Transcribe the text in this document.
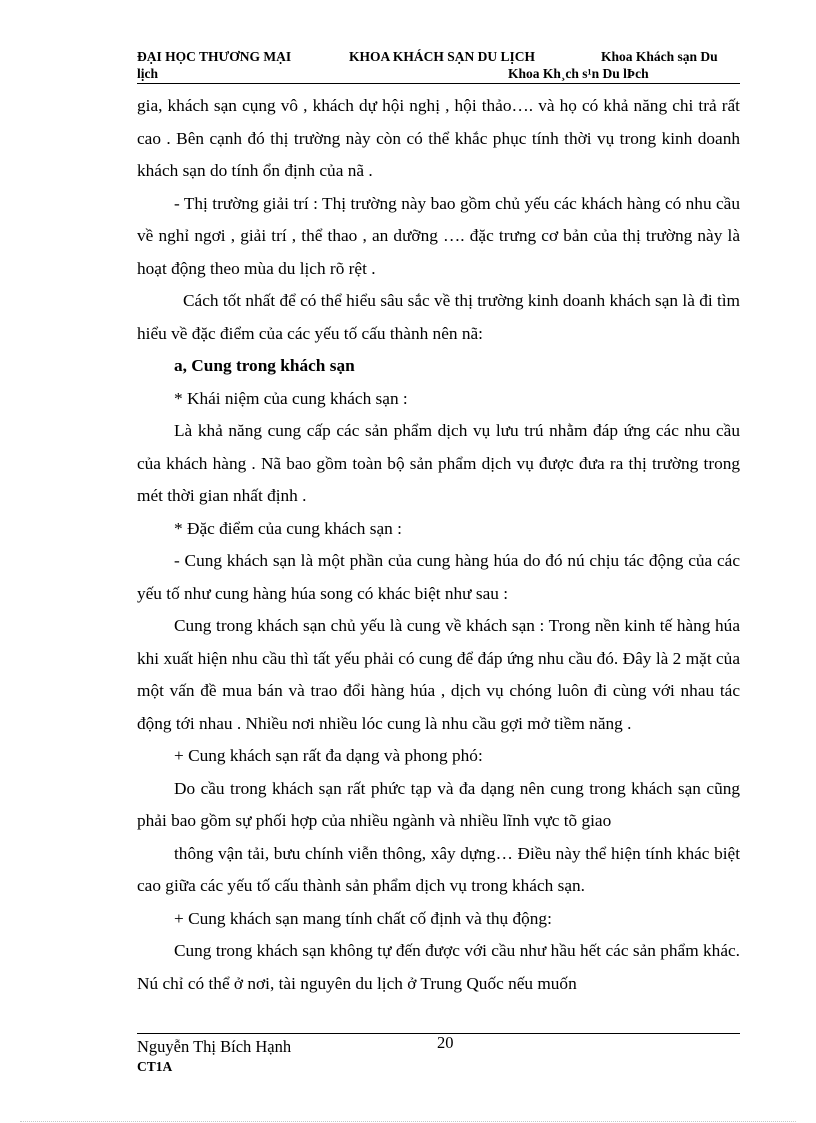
ĐẠI HỌC THƯƠNG MẠI	KHOA KHÁCH SẠN DU LỊCH	Khoa Khách sạn Du
lịch	Khoa Kh¸ch s¹n Du lÞch

gia, khách sạn cụng vô , khách dự hội nghị , hội thảo…. và họ có khả năng chi trả rất cao . Bên cạnh đó thị trường này còn có thể khắc phục tính thời vụ trong kinh doanh khách sạn do tính ổn định của nã .

- Thị trường giải trí : Thị trường này bao gồm chủ yếu các khách hàng có nhu cầu về nghỉ ngơi , giải trí , thể thao , an dưỡng …. đặc trưng cơ bản của thị trường này là hoạt động theo mùa du lịch rõ rệt .

Cách tốt nhất để có thể hiểu sâu sắc về thị trường kinh doanh khách sạn là đi tìm hiểu về đặc điểm của các yếu tố cấu thành nên nã:

a, Cung trong khách sạn

* Khái niệm của cung khách sạn :

Là khả năng cung cấp các sản phẩm dịch vụ lưu trú nhằm đáp ứng các nhu cầu của khách hàng . Nã bao gồm toàn bộ sản phẩm dịch vụ được đưa ra thị trường trong mét thời gian nhất định .

* Đặc điểm của cung khách sạn :

- Cung khách sạn là một phần của cung hàng húa do đó nú chịu tác động của các yếu tố như cung hàng húa song có khác biệt như sau :

Cung trong khách sạn chủ yếu là cung về khách sạn : Trong nền kinh tế hàng húa khi xuất hiện nhu cầu thì tất yếu phải có cung để đáp ứng nhu cầu đó. Đây là 2 mặt của một vấn đề mua bán và trao đổi hàng húa , dịch vụ chóng luôn đi cùng với nhau tác động tới nhau . Nhiều nơi nhiều lóc cung là nhu cầu gợi mở tiềm năng .

+ Cung khách sạn rất đa dạng và phong phó:

Do cầu trong khách sạn rất phức tạp và đa dạng nên cung trong khách sạn cũng phải bao gồm sự phối hợp của nhiều ngành và nhiều lĩnh vực tõ giao

thông vận tải, bưu chính viễn thông, xây dựng… Điều này thể hiện tính khác biệt cao giữa các yếu tố cấu thành sản phẩm dịch vụ trong khách sạn.

+ Cung khách sạn mang tính chất cố định và thụ động:

Cung trong khách sạn không tự đến được với cầu như hầu hết các sản phẩm khác. Nú chỉ có thể ở nơi, tài nguyên du lịch ở Trung Quốc nếu muốn

Nguyễn Thị Bích Hạnh	20
CT1A
